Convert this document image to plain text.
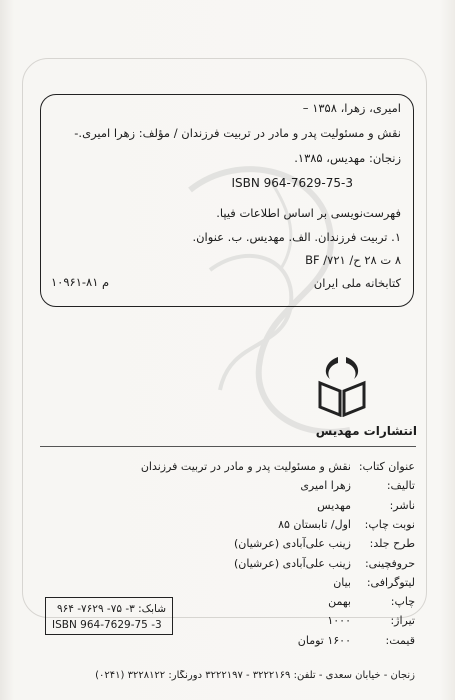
امیری، زهرا، ۱۳۵۸ –
نقش و مسئولیت پدر و مادر در تربیت فرزندان / مؤلف: زهرا امیری.-
زنجان: مهدیس، ۱۳۸۵.
ISBN 964-7629-75-3
فهرست‌نویسی بر اساس اطلاعات فیپا.
۱. تربیت فرزندان. الف. مهدیس. ب. عنوان.
۸ ت ۲۸ ح/ ۷۲۱/ BF
م ۸۱-۱۰۹۶۱	کتابخانه ملی ایران
انتشارات مهدیس
عنوان کتاب:
نقش و مسئولیت پدر و مادر در تربیت فرزندان
تالیف:
زهرا امیری
ناشر:
مهدیس
نوبت چاپ:
اول/ تابستان ۸۵
طرح جلد:
زینب علی‌آبادی (عرشیان)
حروفچینی:
زینب علی‌آبادی (عرشیان)
لیتوگرافی:
بیان
چاپ:
بهمن
تیراژ:
۱۰۰۰
قیمت:
۱۶۰۰ تومان
شابک: ۳- ۷۵- ۷۶۲۹- ۹۶۴
ISBN 964-7629-75 -3
زنجان - خیابان سعدی - تلفن: ۳۲۲۲۱۶۹ - ۳۲۲۲۱۹۷ دورنگار: ۳۲۲۸۱۲۲ (۰۲۴۱)
